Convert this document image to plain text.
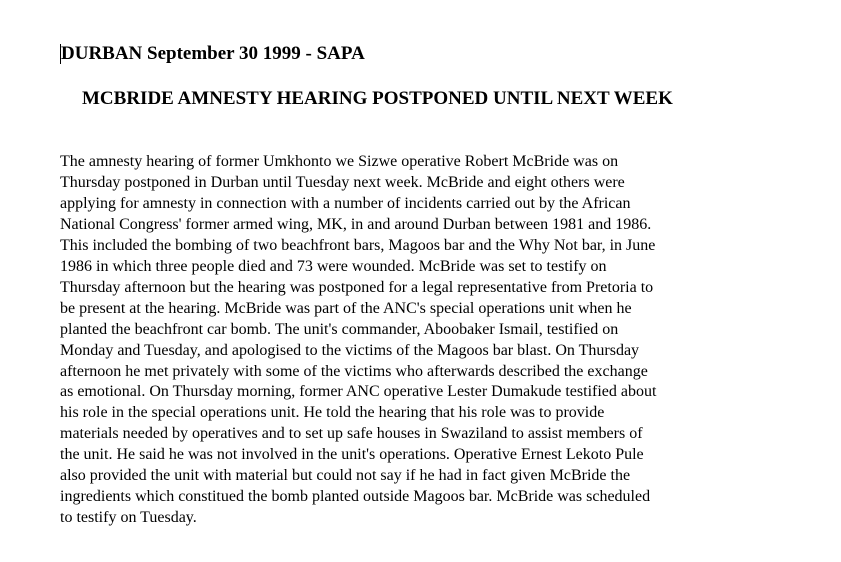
DURBAN September 30 1999 - SAPA
MCBRIDE AMNESTY HEARING POSTPONED UNTIL NEXT WEEK

The amnesty hearing of former Umkhonto we Sizwe operative Robert McBride was on
Thursday postponed in Durban until Tuesday next week. McBride and eight others were
applying for amnesty in connection with a number of incidents carried out by the African
National Congress' former armed wing, MK, in and around Durban between 1981 and 1986.
This included the bombing of two beachfront bars, Magoos bar and the Why Not bar, in June
1986 in which three people died and 73 were wounded. McBride was set to testify on
Thursday afternoon but the hearing was postponed for a legal representative from Pretoria to
be present at the hearing. McBride was part of the ANC's special operations unit when he
planted the beachfront car bomb. The unit's commander, Aboobaker Ismail, testified on
Monday and Tuesday, and apologised to the victims of the Magoos bar blast. On Thursday
afternoon he met privately with some of the victims who afterwards described the exchange
as emotional. On Thursday morning, former ANC operative Lester Dumakude testified about
his role in the special operations unit. He told the hearing that his role was to provide
materials needed by operatives and to set up safe houses in Swaziland to assist members of
the unit. He said he was not involved in the unit's operations. Operative Ernest Lekoto Pule
also provided the unit with material but could not say if he had in fact given McBride the
ingredients which constitued the bomb planted outside Magoos bar. McBride was scheduled
to testify on Tuesday.
